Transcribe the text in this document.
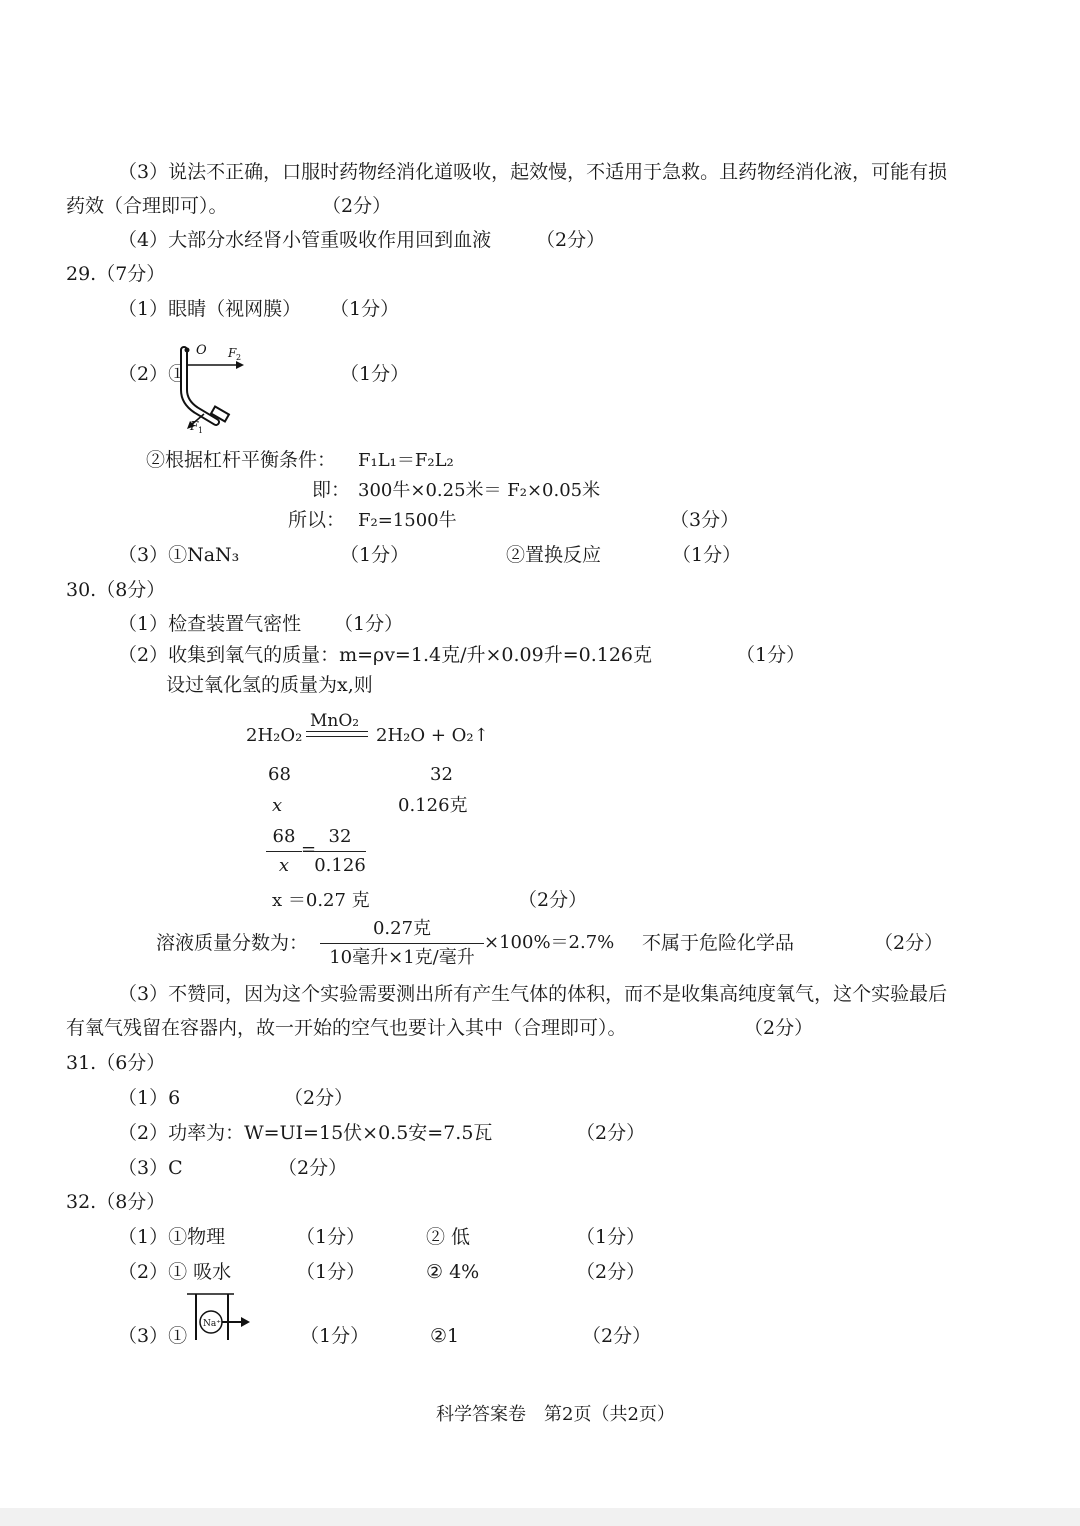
（3）说法不正确，口服时药物经消化道吸收，起效慢，不适用于急救。且药物经消化液，可能有损
药效（合理即可）。	（2分）
（4）大部分水经肾小管重吸收作用回到血液 （2分）
29.（7分）
（1）眼睛（视网膜） （1分）
（2）①
O F 2
F 1
（1分）
②根据杠杆平衡条件： F₁L₁＝F₂L₂
即： 300牛×0.25米＝ F₂×0.05米
所以： F₂=1500牛	（3分）
（3）①NaN₃	（1分）	②置换反应	（1分）
30.（8分）
（1）检查装置气密性 （1分）
（2）收集到氧气的质量：m=ρv=1.4克/升×0.09升=0.126克	（1分）
设过氧化氢的质量为x,则
2H₂O₂
MnO₂
2H₂O + O₂↑
68	32
x	0.126克
68
x
=
32
0.126
x ＝0.27 克	（2分）
溶液质量分数为：
0.27克
10毫升×1克/毫升
×100%＝2.7% 不属于危险化学品	（2分）
（3）不赞同，因为这个实验需要测出所有产生气体的体积，而不是收集高纯度氧气，这个实验最后
有氧气残留在容器内，故一开始的空气也要计入其中（合理即可）。	（2分）
31.（6分）
（1）6	（2分）
（2）功率为：W=UI=15伏×0.5安=7.5瓦	（2分）
（3）C	（2分）
32.（8分）
（1）①物理	（1分）	② 低	（1分）
（2）① 吸水	（1分）	② 4%	（2分）
（3）①
Na⁺
（1分）	②1	（2分）
科学答案卷　第2页（共2页）
